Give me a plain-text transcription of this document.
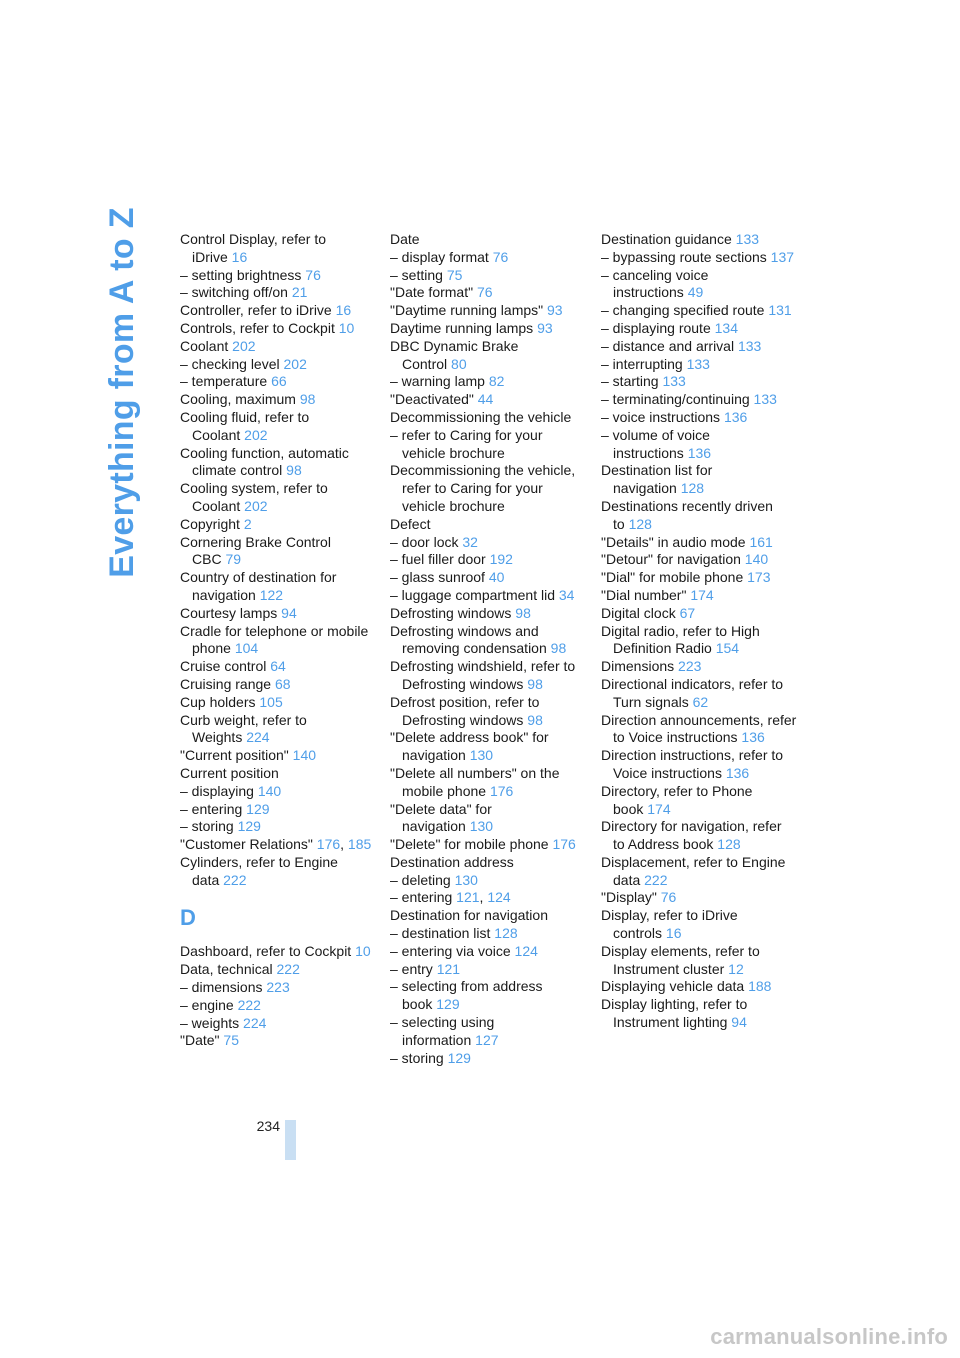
Everything from A to Z	Control Display, refer to iDrive 16
– setting brightness 76
– switching off/on 21
Controller, refer to iDrive 16
Controls, refer to Cockpit 10
Coolant 202
– checking level 202
– temperature 66
Cooling, maximum 98
Cooling fluid, refer to Coolant 202
Cooling function, automatic climate control 98
Cooling system, refer to Coolant 202
Copyright 2
Cornering Brake Control CBC 79
Country of destination for navigation 122
Courtesy lamps 94
Cradle for telephone or mobile phone 104
Cruise control 64
Cruising range 68
Cup holders 105
Curb weight, refer to Weights 224
"Current position" 140
Current position
– displaying 140
– entering 129
– storing 129
"Customer Relations" 176, 185
Cylinders, refer to Engine data 222
D
Dashboard, refer to Cockpit 10
Data, technical 222
– dimensions 223
– engine 222
– weights 224
"Date" 75
Date
– display format 76
– setting 75
"Date format" 76
"Daytime running lamps" 93
Daytime running lamps 93
DBC Dynamic Brake Control 80
– warning lamp 82
"Deactivated" 44
Decommissioning the vehicle
– refer to Caring for your vehicle brochure
Decommissioning the vehicle, refer to Caring for your vehicle brochure
Defect
– door lock 32
– fuel filler door 192
– glass sunroof 40
– luggage compartment lid 34
Defrosting windows 98
Defrosting windows and removing condensation 98
Defrosting windshield, refer to Defrosting windows 98
Defrost position, refer to Defrosting windows 98
"Delete address book" for navigation 130
"Delete all numbers" on the mobile phone 176
"Delete data" for navigation 130
"Delete" for mobile phone 176
Destination address
– deleting 130
– entering 121, 124
Destination for navigation
– destination list 128
– entering via voice 124
– entry 121
– selecting from address book 129
– selecting using information 127
– storing 129
Destination guidance 133
– bypassing route sections 137
– canceling voice instructions 49
– changing specified route 131
– displaying route 134
– distance and arrival 133
– interrupting 133
– starting 133
– terminating/continuing 133
– voice instructions 136
– volume of voice instructions 136
Destination list for navigation 128
Destinations recently driven to 128
"Details" in audio mode 161
"Detour" for navigation 140
"Dial" for mobile phone 173
"Dial number" 174
Digital clock 67
Digital radio, refer to High Definition Radio 154
Dimensions 223
Directional indicators, refer to Turn signals 62
Direction announcements, refer to Voice instructions 136
Direction instructions, refer to Voice instructions 136
Directory, refer to Phone book 174
Directory for navigation, refer to Address book 128
Displacement, refer to Engine data 222
"Display" 76
Display, refer to iDrive controls 16
Display elements, refer to Instrument cluster 12
Displaying vehicle data 188
Display lighting, refer to Instrument lighting 94
234
carmanualsonline.info
